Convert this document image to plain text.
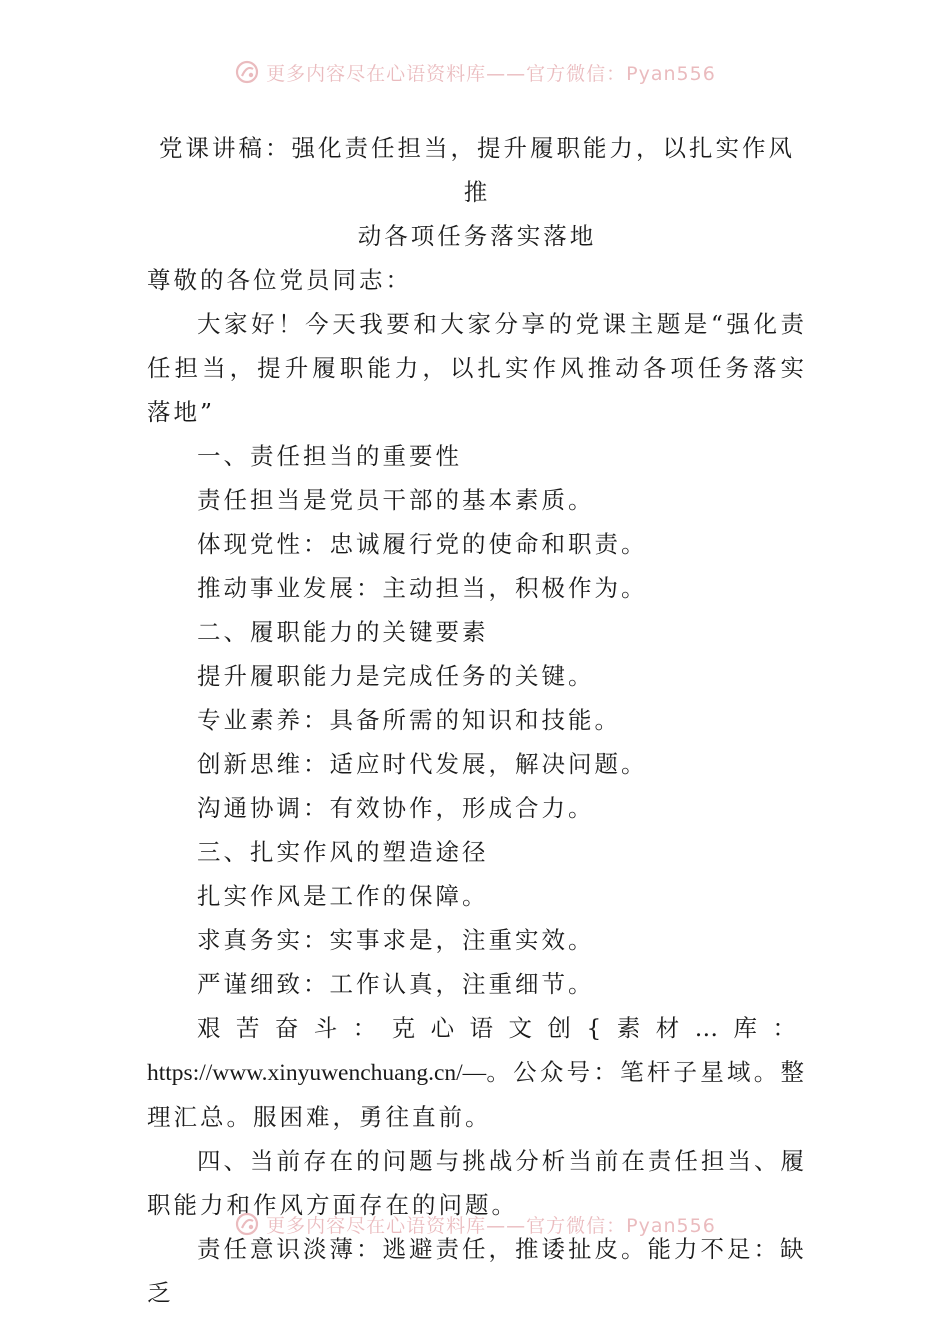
更多内容尽在心语资料库——官方微信：Pyan556
党课讲稿：强化责任担当，提升履职能力，以扎实作风推
动各项任务落实落地

尊敬的各位党员同志：

大家好！今天我要和大家分享的党课主题是“强化责任担当，提升履职能力，以扎实作风推动各项任务落实落地”

一、责任担当的重要性

责任担当是党员干部的基本素质。

体现党性：忠诚履行党的使命和职责。

推动事业发展：主动担当，积极作为。

二、履职能力的关键要素

提升履职能力是完成任务的关键。

专业素养：具备所需的知识和技能。

创新思维：适应时代发展，解决问题。

沟通协调：有效协作，形成合力。

三、扎实作风的塑造途径

扎实作风是工作的保障。

求真务实：实事求是，注重实效。

严谨细致：工作认真，注重细节。

艰苦奋斗：克心语文创{素材…库：https://www.xinyuwenchuang.cn/—。公众号：笔杆子星域。整理汇总。服困难，勇往直前。

四、当前存在的问题与挑战分析当前在责任担当、履职能力和作风方面存在的问题。

责任意识淡薄：逃避责任，推诿扯皮。能力不足：缺乏

更多内容尽在心语资料库——官方微信：Pyan556
